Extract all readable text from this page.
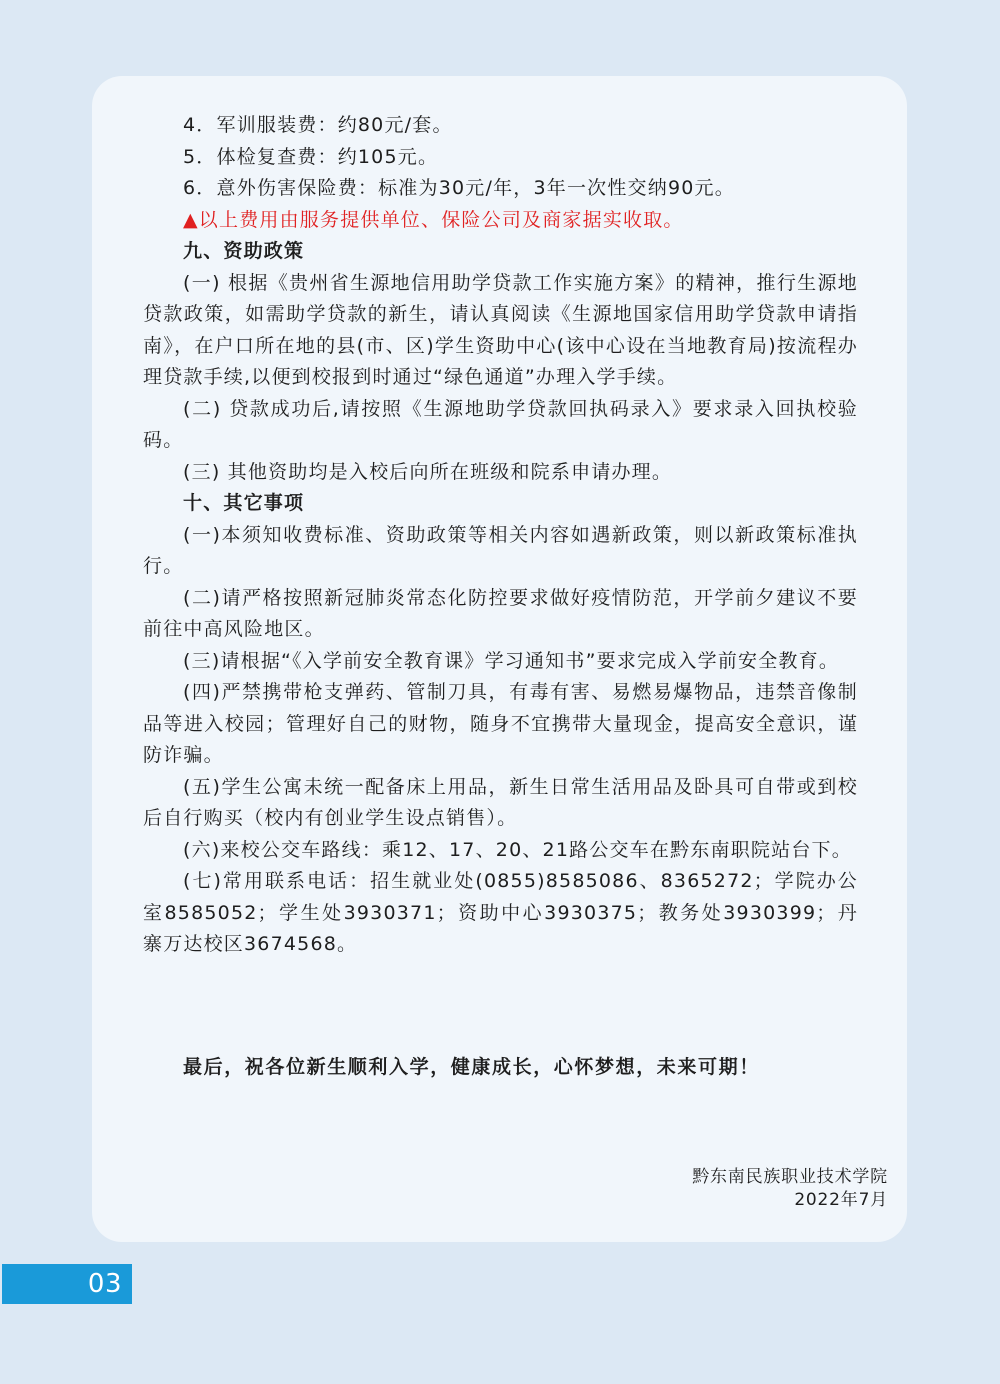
4．军训服装费：约80元/套。
5．体检复查费：约105元。
6．意外伤害保险费：标准为30元/年，3年一次性交纳90元。
▲以上费用由服务提供单位、保险公司及商家据实收取。
九、资助政策

(一) 根据《贵州省生源地信用助学贷款工作实施方案》的精神，推行生源地贷款政策，如需助学贷款的新生，请认真阅读《生源地国家信用助学贷款申请指南》，在户口所在地的县(市、区)学生资助中心(该中心设在当地教育局)按流程办理贷款手续,以便到校报到时通过“绿色通道”办理入学手续。

(二) 贷款成功后,请按照《生源地助学贷款回执码录入》要求录入回执校验码。

(三) 其他资助均是入校后向所在班级和院系申请办理。

十、其它事项

(一)本须知收费标准、资助政策等相关内容如遇新政策，则以新政策标准执行。

(二)请严格按照新冠肺炎常态化防控要求做好疫情防范，开学前夕建议不要前往中高风险地区。

(三)请根据“《入学前安全教育课》学习通知书”要求完成入学前安全教育。

(四)严禁携带枪支弹药、管制刀具，有毒有害、易燃易爆物品，违禁音像制品等进入校园；管理好自己的财物，随身不宜携带大量现金，提高安全意识，谨防诈骗。

(五)学生公寓未统一配备床上用品，新生日常生活用品及卧具可自带或到校后自行购买（校内有创业学生设点销售）。

(六)来校公交车路线：乘12、17、20、21路公交车在黔东南职院站台下。

(七)常用联系电话：招生就业处(0855)8585086、8365272；学院办公室8585052；学生处3930371；资助中心3930375；教务处3930399；丹寨万达校区3674568。

最后，祝各位新生顺利入学，健康成长，心怀梦想，未来可期！
黔东南民族职业技术学院
2022年7月
03
